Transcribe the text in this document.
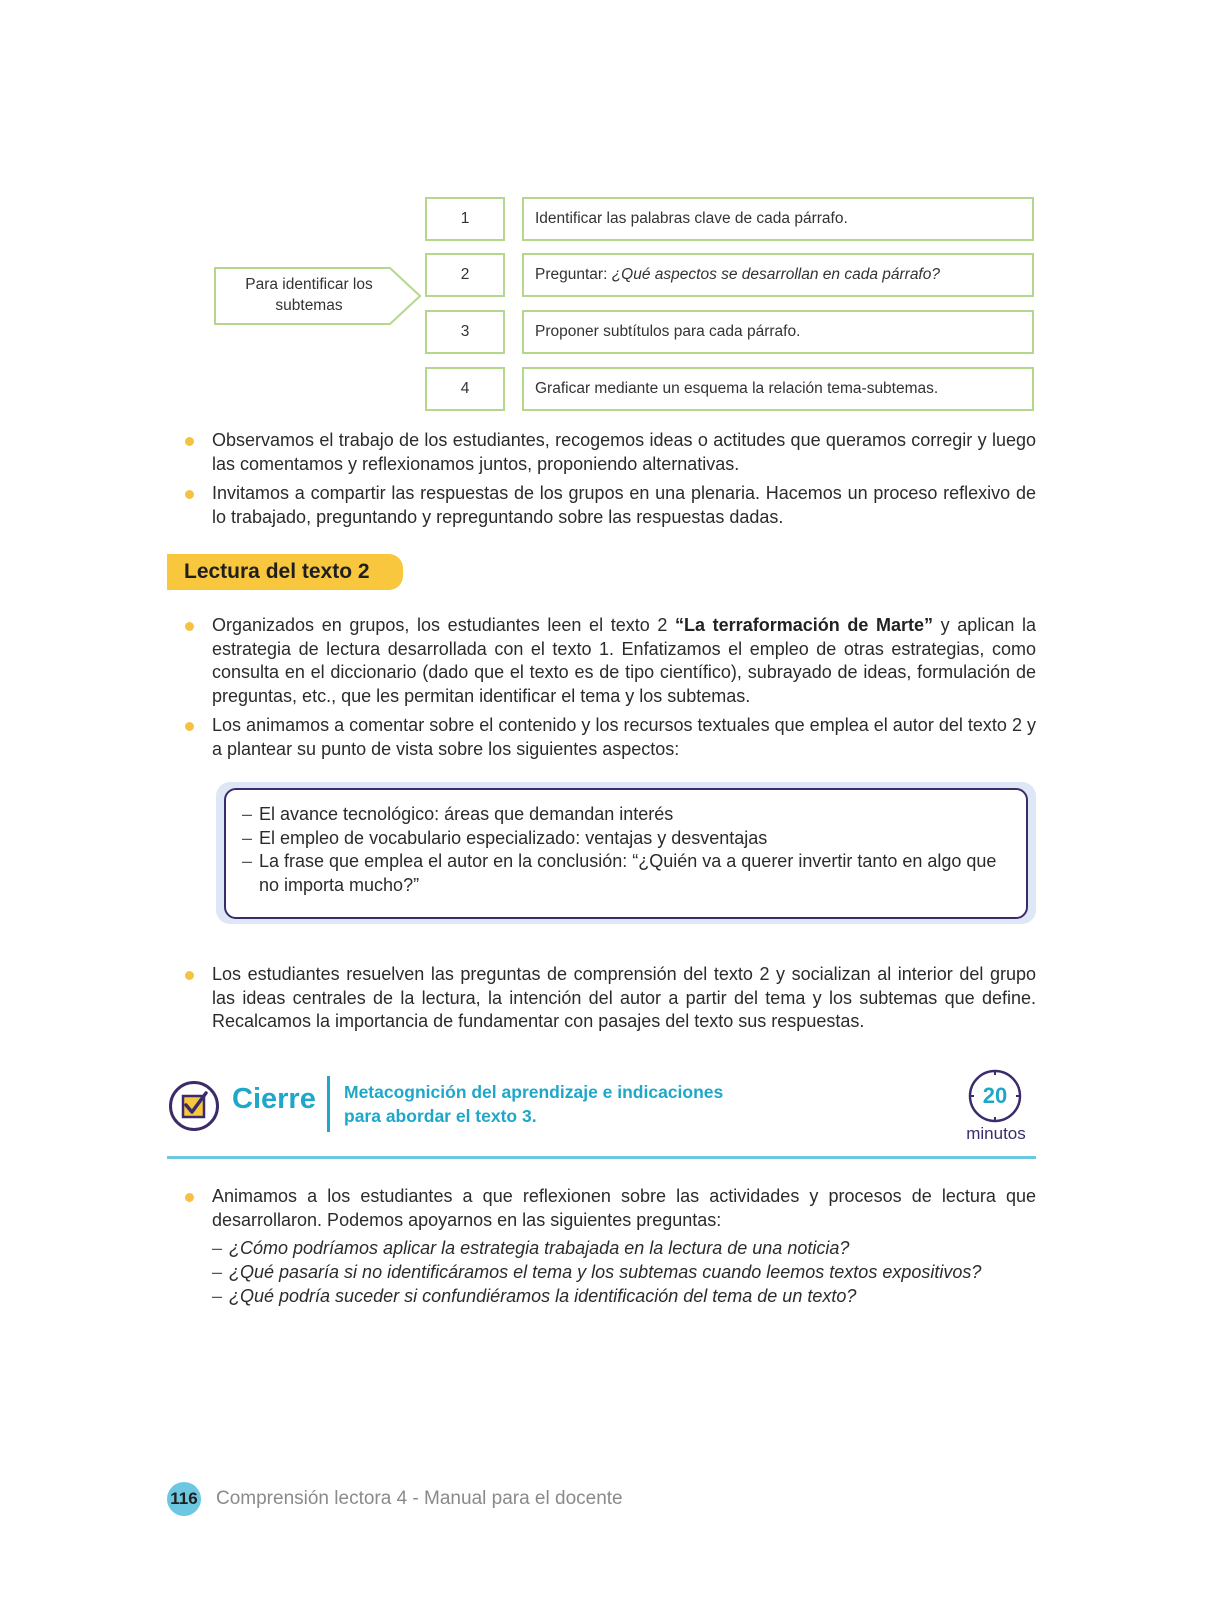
Para identificar los subtemas
1
2
3
4
Identificar las palabras clave de cada párrafo.
Preguntar:
¿Qué aspectos se desarrollan en cada párrafo?
Proponer subtítulos para cada párrafo.
Graficar mediante un esquema la relación tema-subtemas.
Observamos el trabajo de los estudiantes, recogemos ideas o actitudes que queramos corregir y luego las comentamos y reflexionamos juntos, proponiendo alternativas.
Invitamos a compartir las respuestas de los grupos en una plenaria. Hacemos un proceso reflexivo de lo trabajado, preguntando y repreguntando sobre las respuestas dadas.
Lectura del texto 2
Organizados en grupos, los estudiantes leen el texto 2 “La terraformación de Marte” y aplican la estrategia de lectura desarrollada con el texto 1. Enfatizamos el empleo de otras estrategias, como consulta en el diccionario (dado que el texto es de tipo científico), subrayado de ideas, formulación de preguntas, etc., que les permitan identificar el tema y los subtemas.
Los animamos a comentar sobre el contenido y los recursos textuales que emplea el autor del texto 2 y a plantear su punto de vista sobre los siguientes aspectos:
– El avance tecnológico: áreas que demandan interés
– El empleo de vocabulario especializado: ventajas y desventajas
– La frase que emplea el autor en la conclusión: “¿Quién va a querer invertir tanto en algo que no importa mucho?”
Los estudiantes resuelven las preguntas de comprensión del texto 2 y socializan al interior del grupo las ideas centrales de la lectura, la intención del autor a partir del tema y los subtemas que define. Recalcamos la importancia de fundamentar con pasajes del texto sus respuestas.
Cierre Metacognición del aprendizaje e indicaciones
para abordar el texto 3.
20
minutos
Animamos a los estudiantes a que reflexionen sobre las actividades y procesos de lectura que desarrollaron. Podemos apoyarnos en las siguientes preguntas:
– ¿Cómo podríamos aplicar la estrategia trabajada en la lectura de una noticia?
– ¿Qué pasaría si no identificáramos el tema y los subtemas cuando leemos textos expositivos?
– ¿Qué podría suceder si confundiéramos la identificación del tema de un texto?
116 Comprensión lectora 4 - Manual para el docente
